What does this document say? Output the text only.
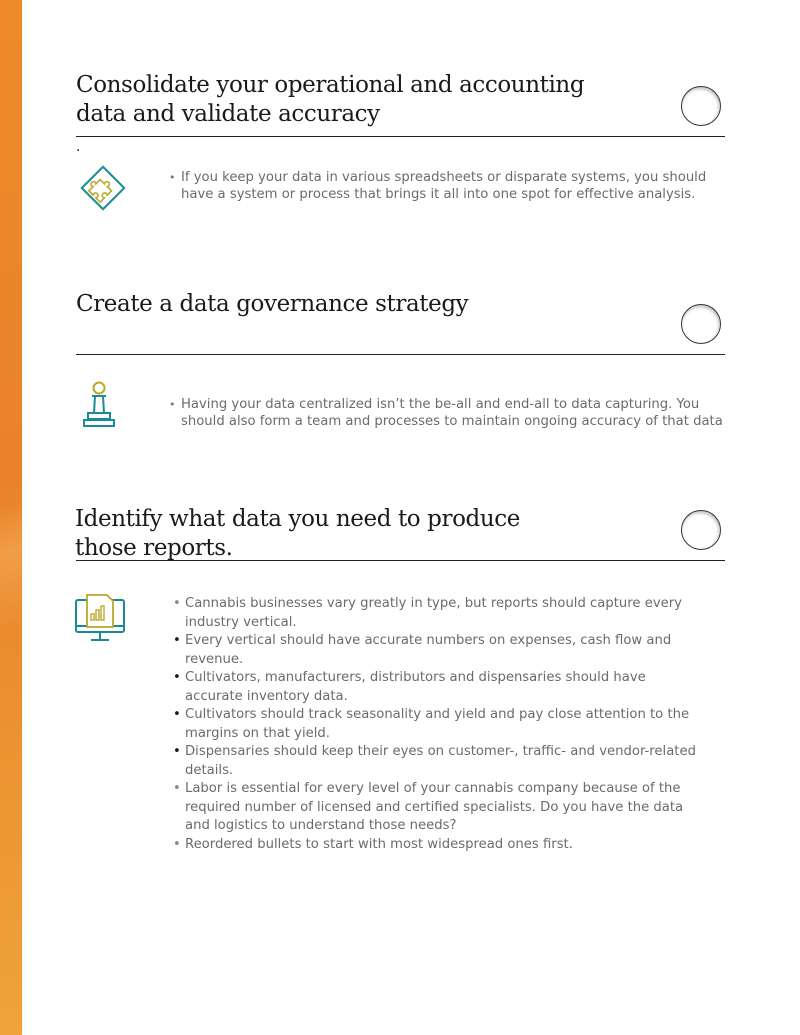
Consolidate your operational and accounting
data and validate accuracy
.
• If you keep your data in various spreadsheets or disparate systems, you should have a system or process that brings it all into one spot for effective analysis.
Create a data governance strategy
• Having your data centralized isn’t the be-all and end-all to data capturing. You should also form a team and processes to maintain ongoing accuracy of that data
Identify what data you need to produce
those reports.
• Cannabis businesses vary greatly in type, but reports should capture every industry vertical.
• Every vertical should have accurate numbers on expenses, cash flow and revenue.
• Cultivators, manufacturers, distributors and dispensaries should have accurate inventory data.
• Cultivators should track seasonality and yield and pay close attention to the margins on that yield.
• Dispensaries should keep their eyes on customer-, traffic- and vendor-related details.
• Labor is essential for every level of your cannabis company because of the required number of licensed and certified specialists. Do you have the data and logistics to understand those needs?
• Reordered bullets to start with most widespread ones first.
